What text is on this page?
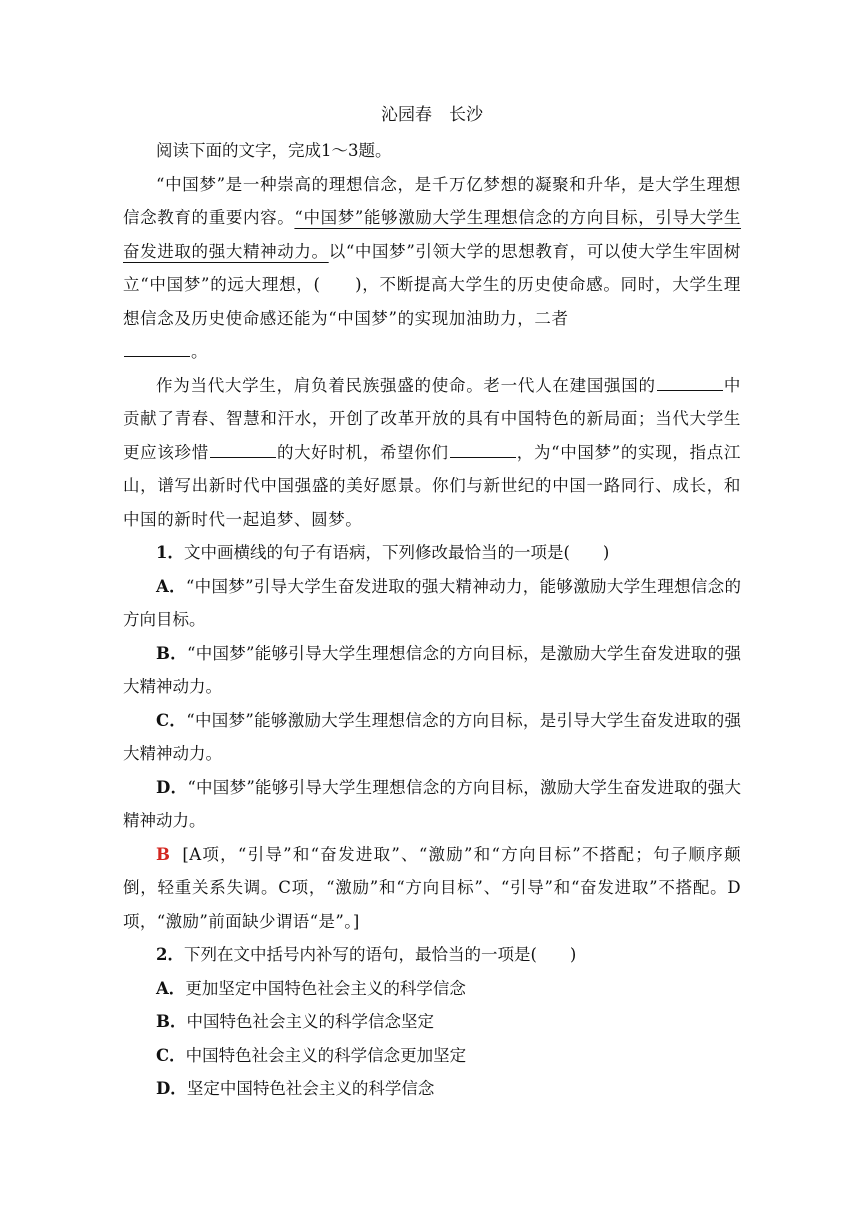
沁园春　长沙

阅读下面的文字，完成1～3题。

“中国梦”是一种崇高的理想信念，是千万亿梦想的凝聚和升华，是大学生理想信念教育的重要内容。“中国梦”能够激励大学生理想信念的方向目标，引导大学生奋发进取的强大精神动力。以“中国梦”引领大学的思想教育，可以使大学生牢固树立“中国梦”的远大理想，(　　)，不断提高大学生的历史使命感。同时，大学生理想信念及历史使命感还能为“中国梦”的实现加油助力，二者
。

作为当代大学生，肩负着民族强盛的使命。老一代人在建国强国的	中贡献了青春、智慧和汗水，开创了改革开放的具有中国特色的新局面；当代大学生更应该珍惜	的大好时机，希望你们	，为“中国梦”的实现，指点江山，谱写出新时代中国强盛的美好愿景。你们与新世纪的中国一路同行、成长，和中国的新时代一起追梦、圆梦。

1．文中画横线的句子有语病，下列修改最恰当的一项是(　　)

A．“中国梦”引导大学生奋发进取的强大精神动力，能够激励大学生理想信念的方向目标。

B．“中国梦”能够引导大学生理想信念的方向目标，是激励大学生奋发进取的强大精神动力。

C．“中国梦”能够激励大学生理想信念的方向目标，是引导大学生奋发进取的强大精神动力。

D．“中国梦”能够引导大学生理想信念的方向目标，激励大学生奋发进取的强大精神动力。

B [A项，“引导”和“奋发进取”、“激励”和“方向目标”不搭配；句子顺序颠倒，轻重关系失调。C项，“激励”和“方向目标”、“引导”和“奋发进取”不搭配。D项，“激励”前面缺少谓语“是”。]

2．下列在文中括号内补写的语句，最恰当的一项是(　　)

A．更加坚定中国特色社会主义的科学信念

B．中国特色社会主义的科学信念坚定

C．中国特色社会主义的科学信念更加坚定

D．坚定中国特色社会主义的科学信念
